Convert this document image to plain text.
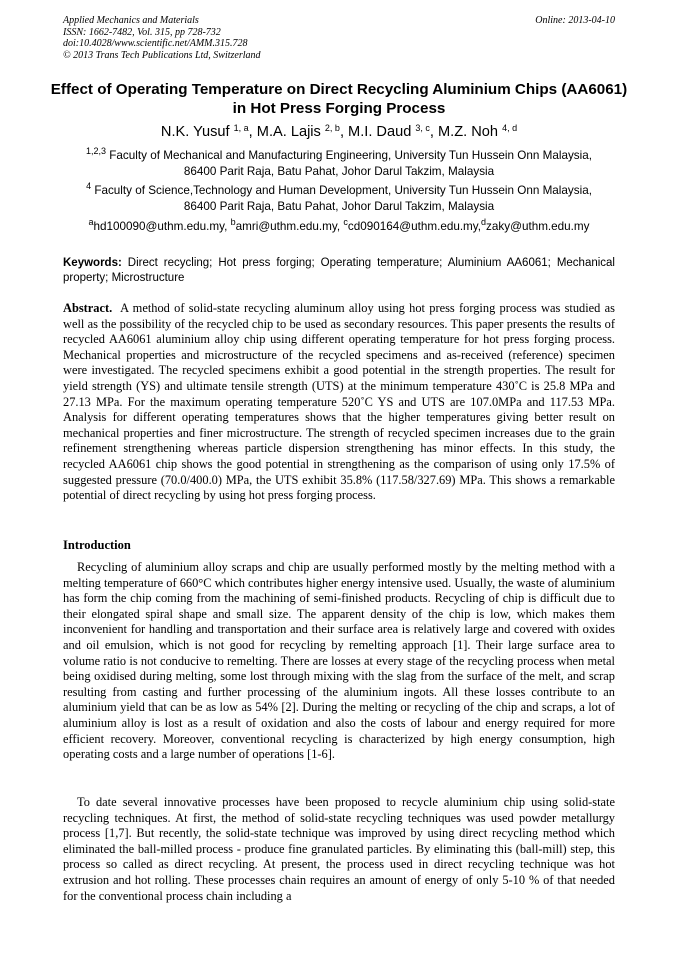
Applied Mechanics and Materials
ISSN: 1662-7482, Vol. 315, pp 728-732
doi:10.4028/www.scientific.net/AMM.315.728
© 2013 Trans Tech Publications Ltd, Switzerland
Online: 2013-04-10
Effect of Operating Temperature on Direct Recycling Aluminium Chips (AA6061) in Hot Press Forging Process
N.K. Yusuf $^{1, a}$, M.A. Lajis $^{2, b}$, M.I. Daud $^{3, c}$, M.Z. Noh $^{4, d}$
$^{1,2,3}$ Faculty of Mechanical and Manufacturing Engineering, University Tun Hussein Onn Malaysia,
86400 Parit Raja, Batu Pahat, Johor Darul Takzim, Malaysia
$^4$ Faculty of Science,Technology and Human Development, University Tun Hussein Onn Malaysia,
86400 Parit Raja, Batu Pahat, Johor Darul Takzim, Malaysia
$^a$hd100090@uthm.edu.my, $^b$amri@uthm.edu.my, $^c$cd090164@uthm.edu.my,$^d$zaky@uthm.edu.my
Keywords: Direct recycling; Hot press forging; Operating temperature; Aluminium AA6061; Mechanical property; Microstructure
Abstract. A method of solid-state recycling aluminum alloy using hot press forging process was studied as well as the possibility of the recycled chip to be used as secondary resources. This paper presents the results of recycled AA6061 aluminium alloy chip using different operating temperature for hot press forging process. Mechanical properties and microstructure of the recycled specimens and as-received (reference) specimen were investigated. The recycled specimens exhibit a good potential in the strength properties. The result for yield strength (YS) and ultimate tensile strength (UTS) at the minimum temperature 430˚C is 25.8 MPa and 27.13 MPa. For the maximum operating temperature 520˚C YS and UTS are 107.0MPa and 117.53 MPa. Analysis for different operating temperatures shows that the higher temperatures giving better result on mechanical properties and finer microstructure. The strength of recycled specimen increases due to the grain refinement strengthening whereas particle dispersion strengthening has minor effects. In this study, the recycled AA6061 chip shows the good potential in strengthening as the comparison of using only 17.5% of suggested pressure (70.0/400.0) MPa, the UTS exhibit 35.8% (117.58/327.69) MPa. This shows a remarkable potential of direct recycling by using hot press forging process.
Introduction
Recycling of aluminium alloy scraps and chip are usually performed mostly by the melting method with a melting temperature of 660°C which contributes higher energy intensive used. Usually, the waste of aluminium has form the chip coming from the machining of semi-finished products. Recycling of chip is difficult due to their elongated spiral shape and small size. The apparent density of the chip is low, which makes them inconvenient for handling and transportation and their surface area is relatively large and covered with oxides and oil emulsion, which is not good for recycling by remelting approach [1]. Their large surface area to volume ratio is not conducive to remelting. There are losses at every stage of the recycling process when metal being oxidised during melting, some lost through mixing with the slag from the surface of the melt, and scrap resulting from casting and further processing of the aluminium ingots. All these losses contribute to an aluminium yield that can be as low as 54% [2]. During the melting or recycling of the chip and scraps, a lot of aluminium alloy is lost as a result of oxidation and also the costs of labour and energy required for more efficient recovery. Moreover, conventional recycling is characterized by high energy consumption, high operating costs and a large number of operations [1-6].
To date several innovative processes have been proposed to recycle aluminium chip using solid-state recycling techniques. At first, the method of solid-state recycling techniques was used powder metallurgy process [1,7]. But recently, the solid-state technique was improved by using direct recycling method which eliminated the ball-milled process - produce fine granulated particles. By eliminating this (ball-mill) step, this process so called as direct recycling. At present, the process used in direct recycling technique was hot extrusion and hot rolling. These processes chain requires an amount of energy of only 5-10 % of that needed for the conventional process chain including a
